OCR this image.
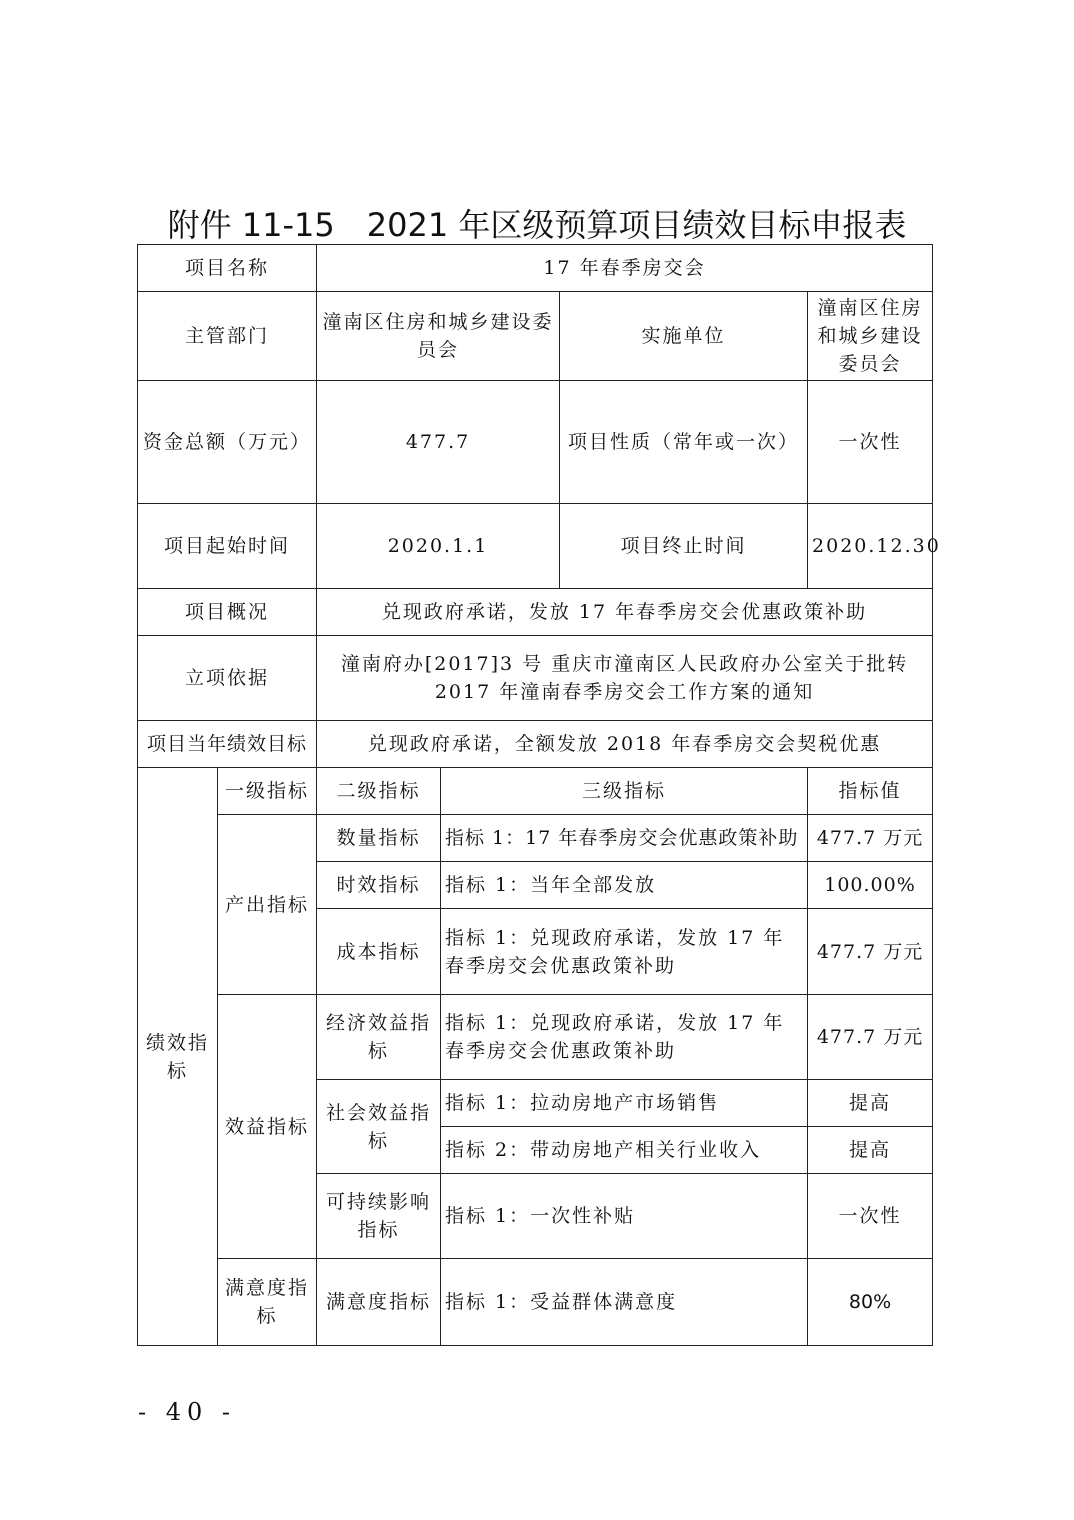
附件 11-15　2021 年区级预算项目绩效目标申报表
项目名称		17 年春季房交会			
主管部门		潼南区住房和城乡建设委员会		实施单位	潼南区住房和城乡建设委员会
资金总额（万元）		477.7		项目性质（常年或一次）	一次性
项目起始时间		2020.1.1		项目终止时间	2020.12.30
项目概况		兑现政府承诺，发放 17 年春季房交会优惠政策补助			
立项依据		潼南府办[2017]3 号 重庆市潼南区人民政府办公室关于批转 2017 年潼南春季房交会工作方案的通知			
项目当年绩效目标		兑现政府承诺，全额发放 2018 年春季房交会契税优惠			
绩效指标	一级指标	二级指标	三级指标		指标值
	产出指标	数量指标	指标 1：17 年春季房交会优惠政策补助		477.7 万元
		时效指标	指标 1：当年全部发放		100.00%
		成本指标	指标 1：兑现政府承诺，发放 17 年春季房交会优惠政策补助		477.7 万元
	效益指标	经济效益指标	指标 1：兑现政府承诺，发放 17 年春季房交会优惠政策补助		477.7 万元
		社会效益指标	指标 1：拉动房地产市场销售		提高
			指标 2：带动房地产相关行业收入		提高
		可持续影响指标	指标 1：一次性补贴		一次性
	满意度指标	满意度指标	指标 1：受益群体满意度		80%
- 40 -
